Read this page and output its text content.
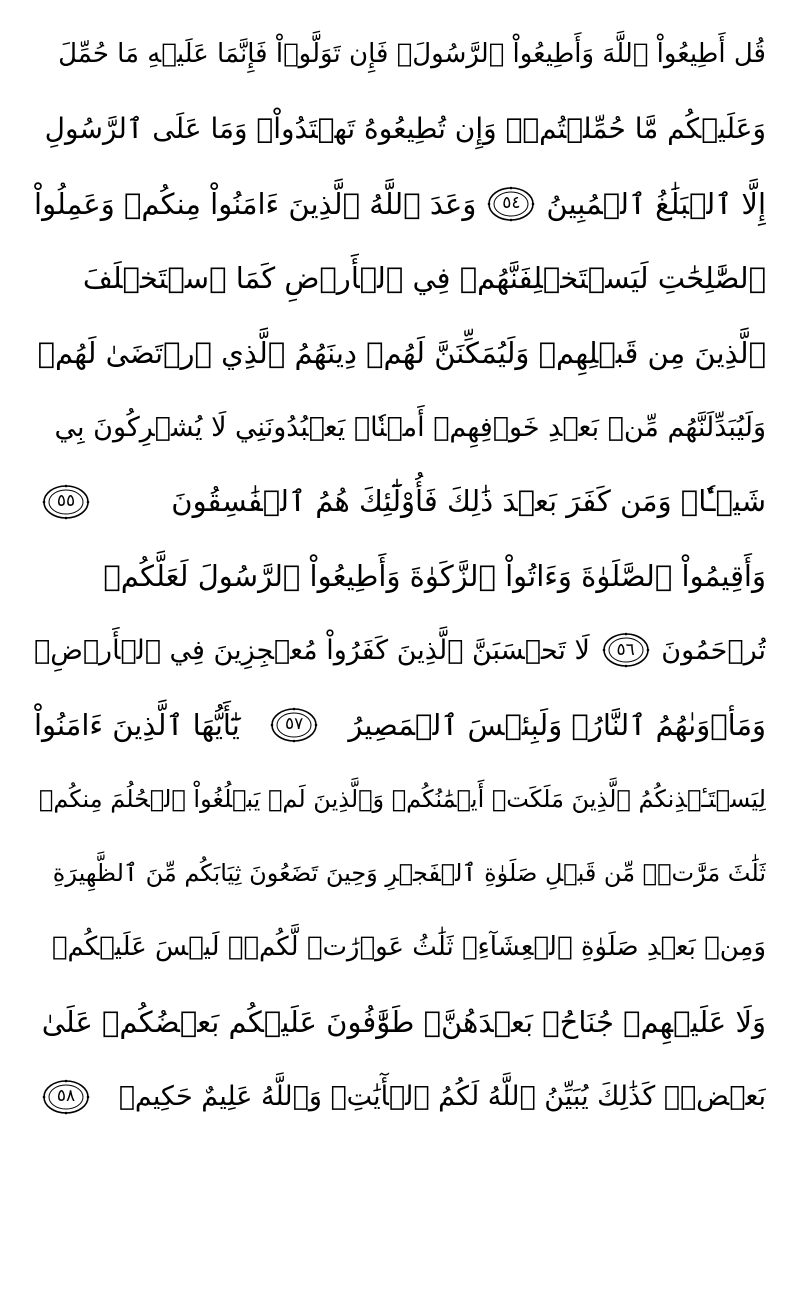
قُل أَطِيعُواْ ٱللَّهَ وَأَطِيعُواْ ٱلرَّسُولَۖ فَإِن تَوَلَّوۡاْ فَإِنَّمَا عَلَيۡهِ مَا حُمِّلَ
وَعَلَيۡكُم مَّا حُمِّلۡتُمۡۖ وَإِن تُطِيعُوهُ تَهۡتَدُواْۚ وَمَا عَلَى ٱلرَّسُولِ
إِلَّا ٱلۡبَلَٰغُ ٱلۡمُبِينُ
٥٤
وَعَدَ ٱللَّهُ ٱلَّذِينَ ءَامَنُواْ مِنكُمۡ وَعَمِلُواْ
ٱلصَّٰلِحَٰتِ لَيَسۡتَخۡلِفَنَّهُمۡ فِي ٱلۡأَرۡضِ كَمَا ٱسۡتَخۡلَفَ
ٱلَّذِينَ مِن قَبۡلِهِمۡ وَلَيُمَكِّنَنَّ لَهُمۡ دِينَهُمُ ٱلَّذِي ٱرۡتَضَىٰ لَهُمۡ
وَلَيُبَدِّلَنَّهُم مِّنۢ بَعۡدِ خَوۡفِهِمۡ أَمۡنٗاۚ يَعۡبُدُونَنِي لَا يُشۡرِكُونَ بِي
شَيۡـٔٗاۚ وَمَن كَفَرَ بَعۡدَ ذَٰلِكَ فَأُوْلَٰٓئِكَ هُمُ ٱلۡفَٰسِقُونَ
٥٥
وَأَقِيمُواْ ٱلصَّلَوٰةَ وَءَاتُواْ ٱلزَّكَوٰةَ وَأَطِيعُواْ ٱلرَّسُولَ لَعَلَّكُمۡ
تُرۡحَمُونَ
٥٦
لَا تَحۡسَبَنَّ ٱلَّذِينَ كَفَرُواْ مُعۡجِزِينَ فِي ٱلۡأَرۡضِۚ
وَمَأۡوَىٰهُمُ ٱلنَّارُۖ وَلَبِئۡسَ ٱلۡمَصِيرُ
٥٧
يَٰٓأَيُّهَا ٱلَّذِينَ ءَامَنُواْ
لِيَسۡتَـٔۡذِنكُمُ ٱلَّذِينَ مَلَكَتۡ أَيۡمَٰنُكُمۡ وَٱلَّذِينَ لَمۡ يَبۡلُغُواْ ٱلۡحُلُمَ مِنكُمۡ
ثَلَٰثَ مَرَّٰتٖۚ مِّن قَبۡلِ صَلَوٰةِ ٱلۡفَجۡرِ وَحِينَ تَضَعُونَ ثِيَابَكُم مِّنَ ٱلظَّهِيرَةِ
وَمِنۢ بَعۡدِ صَلَوٰةِ ٱلۡعِشَآءِۚ ثَلَٰثُ عَوۡرَٰتٖ لَّكُمۡۚ لَيۡسَ عَلَيۡكُمۡ
وَلَا عَلَيۡهِمۡ جُنَاحُۢ بَعۡدَهُنَّۚ طَوَّٰفُونَ عَلَيۡكُم بَعۡضُكُمۡ عَلَىٰ
بَعۡضٖۚ كَذَٰلِكَ يُبَيِّنُ ٱللَّهُ لَكُمُ ٱلۡأٓيَٰتِۗ وَٱللَّهُ عَلِيمٌ حَكِيمٞ
٥٨
